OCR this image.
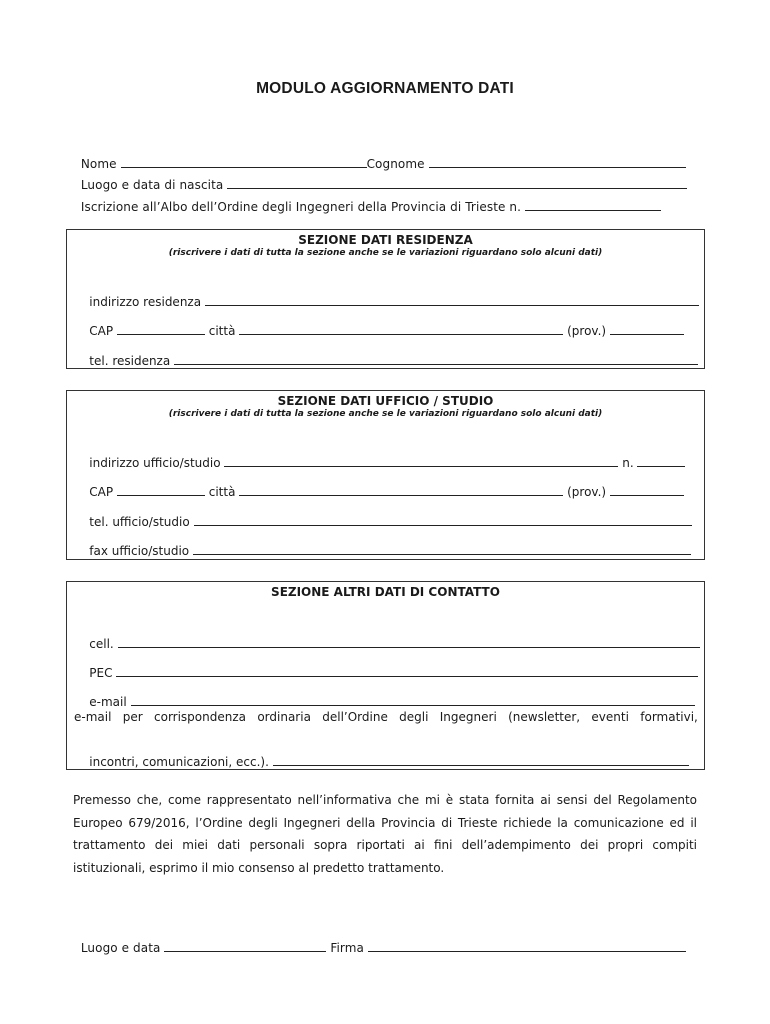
MODULO AGGIORNAMENTO DATI

Nome	Cognome

Luogo e data di nascita

Iscrizione all’Albo dell’Ordine degli Ingegneri della Provincia di Trieste n.

SEZIONE DATI RESIDENZA
(riscrivere i dati di tutta la sezione anche se le variazioni riguardano solo alcuni dati)

indirizzo residenza

CAP	città	(prov.)

tel. residenza

SEZIONE DATI UFFICIO / STUDIO
(riscrivere i dati di tutta la sezione anche se le variazioni riguardano solo alcuni dati)

indirizzo ufficio/studio	n.

CAP	città	(prov.)

tel. ufficio/studio

fax ufficio/studio

SEZIONE ALTRI DATI DI CONTATTO

cell.

PEC

e-mail

e-mail per corrispondenza ordinaria dell’Ordine degli Ingegneri (newsletter, eventi formativi,

incontri, comunicazioni, ecc.).

Premesso che, come rappresentato nell’informativa che mi è stata fornita ai sensi del Regolamento Europeo 679/2016, l’Ordine degli Ingegneri della Provincia di Trieste richiede la comunicazione ed il trattamento dei miei dati personali sopra riportati ai fini dell’adempimento dei propri compiti istituzionali, esprimo il mio consenso al predetto trattamento.

Luogo e data	Firma
